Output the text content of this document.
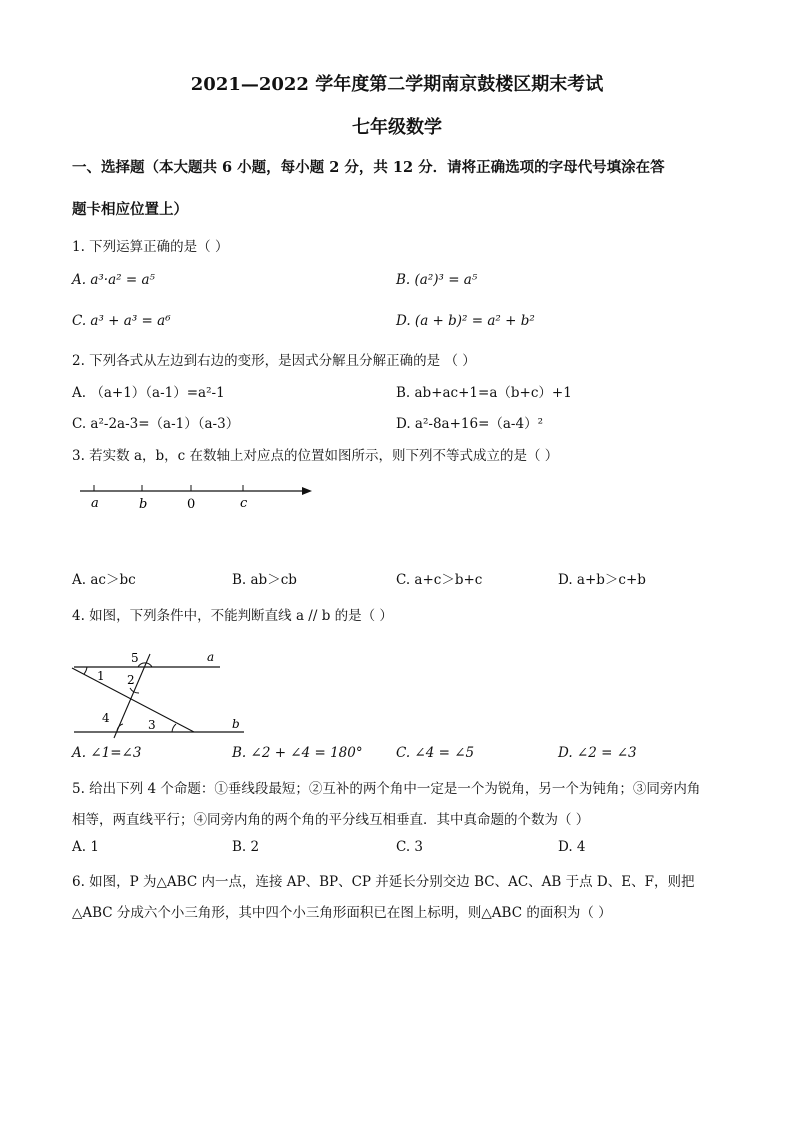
2021—2022 学年度第二学期南京鼓楼区期末考试
七年级数学
一、选择题（本大题共 6 小题，每小题 2 分，共 12 分．请将正确选项的字母代号填涂在答
题卡相应位置上）
1. 下列运算正确的是（ ）
A. a³·a² = a⁵	B. (a²)³ = a⁵
C. a³ + a³ = a⁶	D. (a + b)² = a² + b²
2. 下列各式从左边到右边的变形，是因式分解且分解正确的是 （ ）
A. （a+1）（a-1）=a²-1	B. ab+ac+1=a（b+c）+1
C. a²-2a-3=（a-1）（a-3）	D. a²-8a+16=（a-4）²
3. 若实数 a，b，c 在数轴上对应点的位置如图所示，则下列不等式成立的是（ ）
a	b	0	c
A. ac＞bc	B. ab＞cb	C. a+c＞b+c	D. a+b＞c+b
4. 如图，下列条件中，不能判断直线 a // b 的是（ ）
5	a
1 2
4	3	b
A. ∠1=∠3	B. ∠2 + ∠4 = 180° C. ∠4 = ∠5	D. ∠2 = ∠3
5. 给出下列 4 个命题：①垂线段最短；②互补的两个角中一定是一个为锐角，另一个为钝角；③同旁内角
相等，两直线平行；④同旁内角的两个角的平分线互相垂直．其中真命题的个数为（ ）
A. 1	B. 2	C. 3	D. 4
6. 如图，P 为△ABC 内一点，连接 AP、BP、CP 并延长分别交边 BC、AC、AB 于点 D、E、F，则把
△ABC 分成六个小三角形，其中四个小三角形面积已在图上标明，则△ABC 的面积为（ ）
